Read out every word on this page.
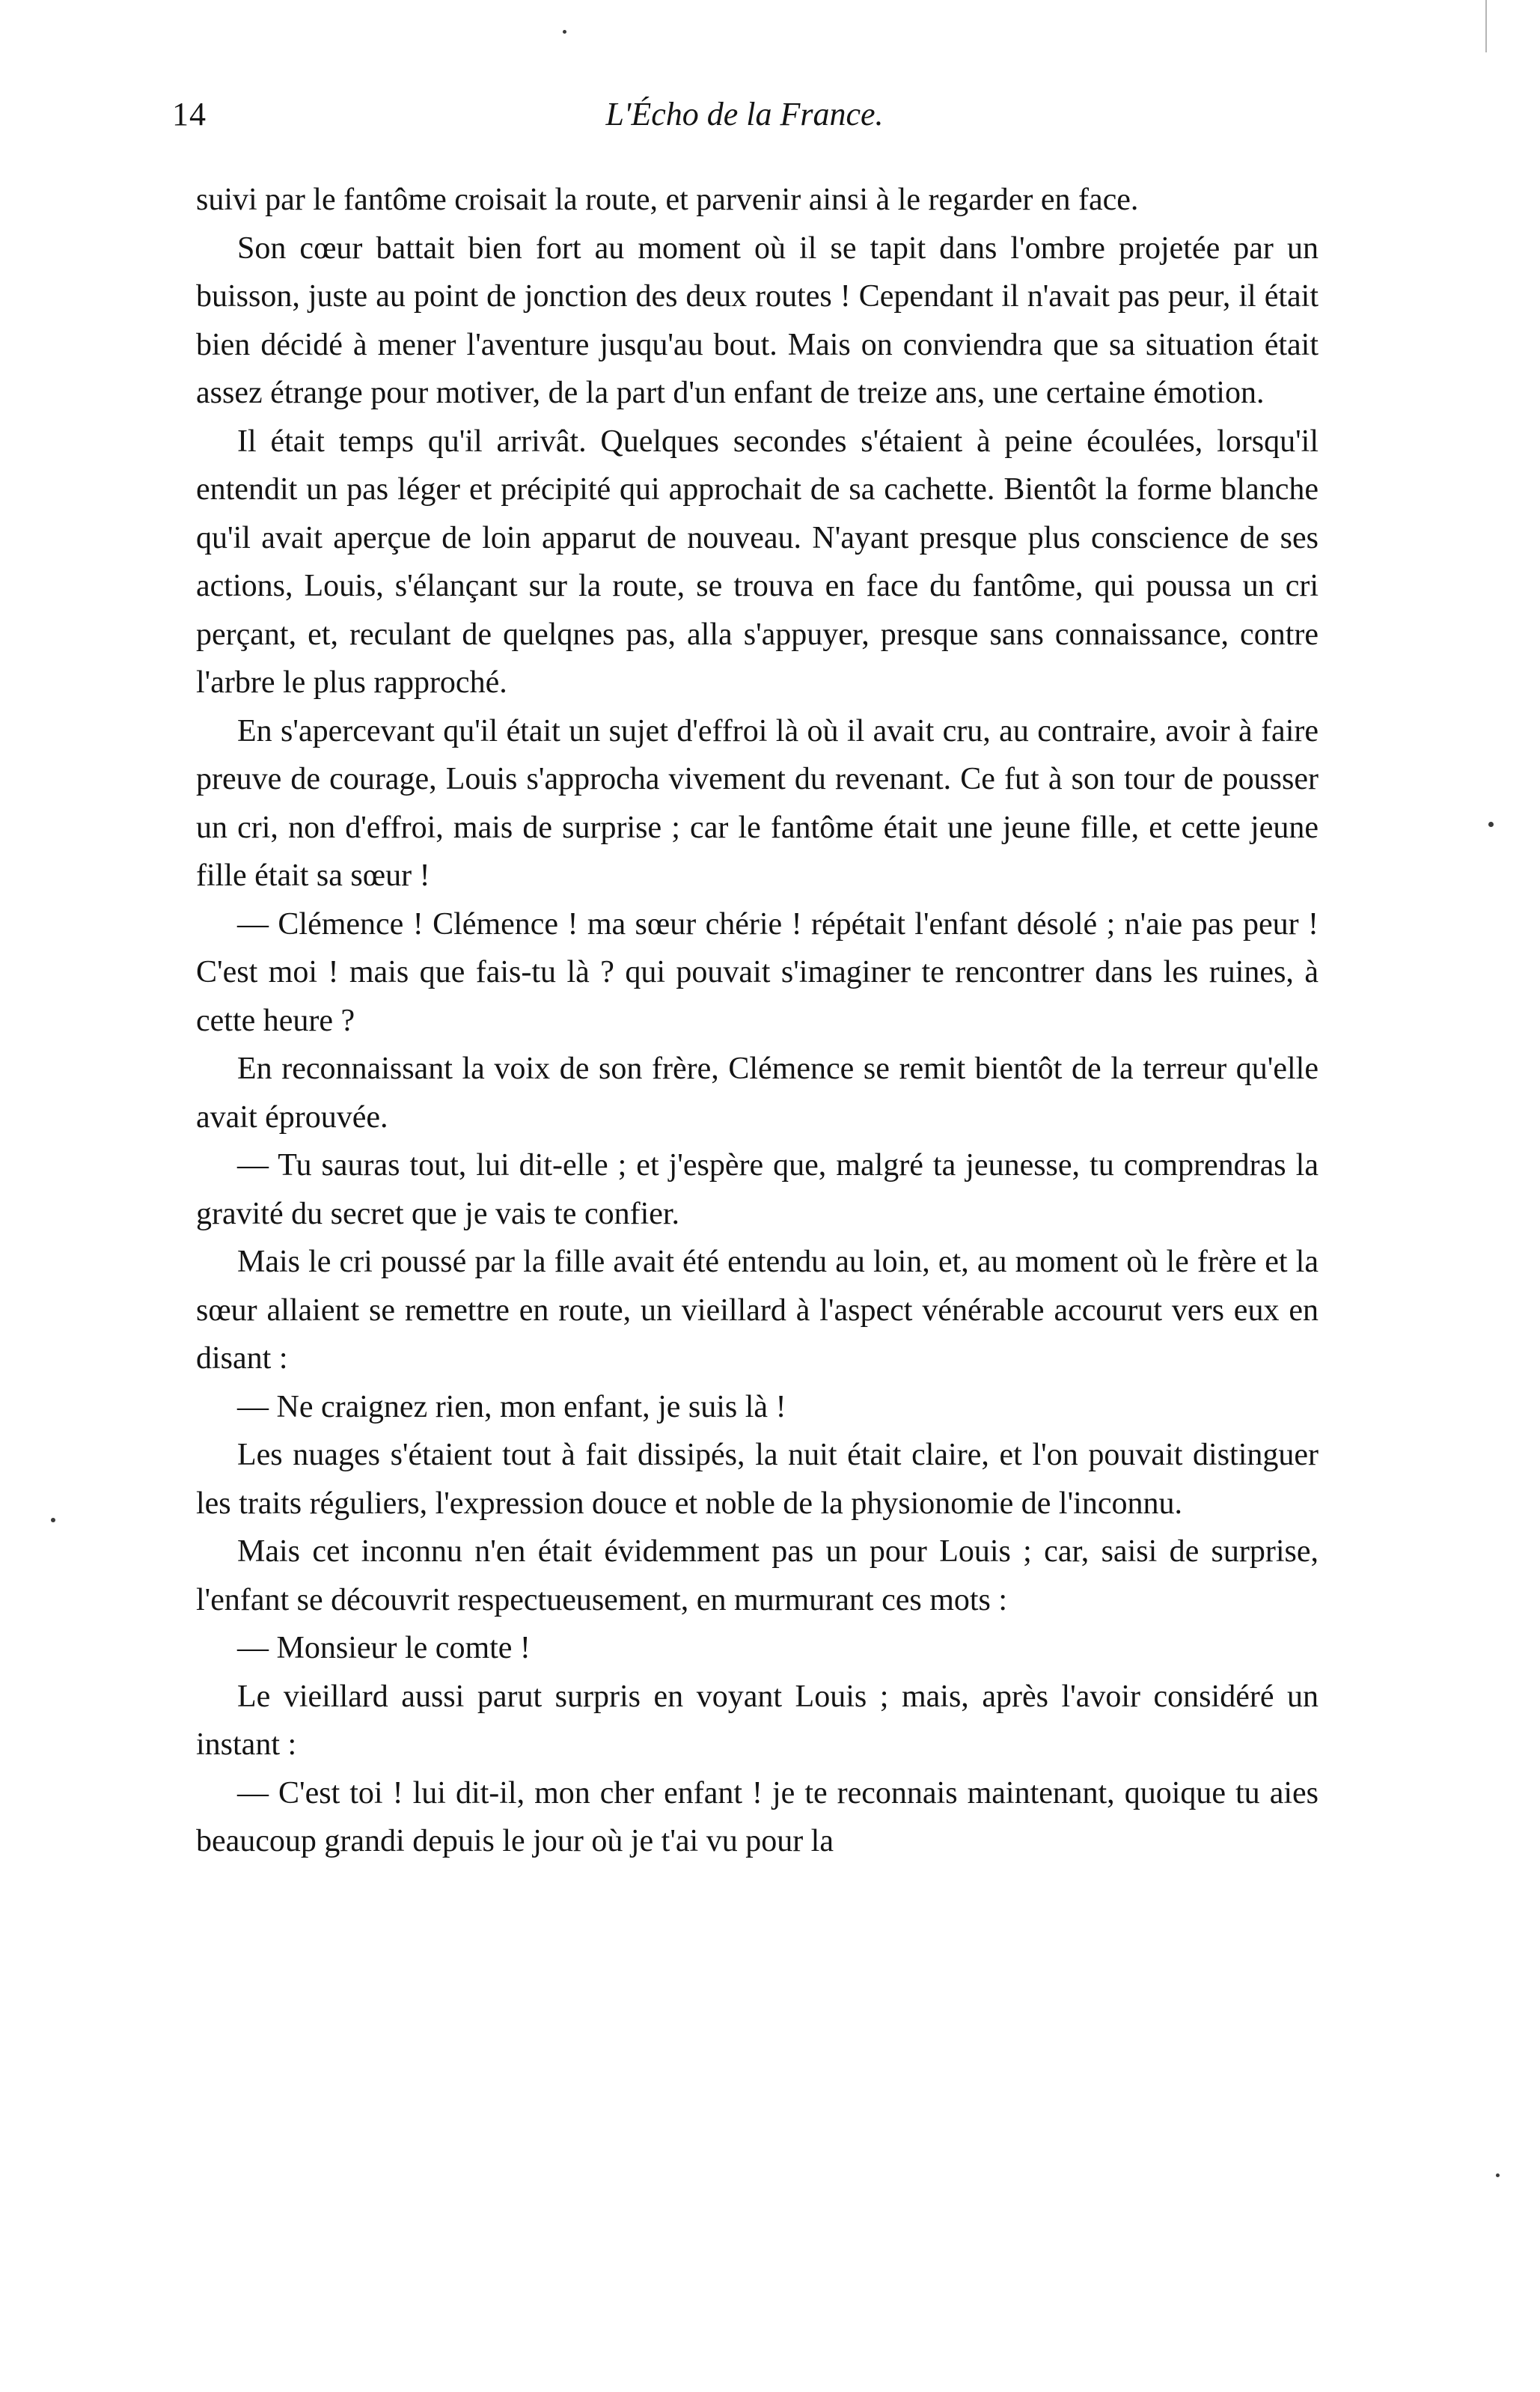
14	L'Écho de la France.

suivi par le fantôme croisait la route, et parvenir ainsi à le regarder en face.

Son cœur battait bien fort au moment où il se tapit dans l'ombre projetée par un buisson, juste au point de jonction des deux routes ! Cependant il n'avait pas peur, il était bien décidé à mener l'aventure jusqu'au bout. Mais on conviendra que sa situation était assez étrange pour motiver, de la part d'un enfant de treize ans, une certaine émotion.

Il était temps qu'il arrivât. Quelques secondes s'étaient à peine écoulées, lorsqu'il entendit un pas léger et précipité qui approchait de sa cachette. Bientôt la forme blanche qu'il avait aperçue de loin apparut de nouveau. N'ayant presque plus conscience de ses actions, Louis, s'élançant sur la route, se trouva en face du fantôme, qui poussa un cri perçant, et, reculant de quelqnes pas, alla s'appuyer, presque sans connaissance, contre l'arbre le plus rapproché.

En s'apercevant qu'il était un sujet d'effroi là où il avait cru, au contraire, avoir à faire preuve de courage, Louis s'approcha vivement du revenant. Ce fut à son tour de pousser un cri, non d'effroi, mais de surprise ; car le fantôme était une jeune fille, et cette jeune fille était sa sœur !

— Clémence ! Clémence ! ma sœur chérie ! répétait l'enfant désolé ; n'aie pas peur ! C'est moi ! mais que fais-tu là ? qui pouvait s'imaginer te rencontrer dans les ruines, à cette heure ?

En reconnaissant la voix de son frère, Clémence se remit bientôt de la terreur qu'elle avait éprouvée.

— Tu sauras tout, lui dit-elle ; et j'espère que, malgré ta jeunesse, tu comprendras la gravité du secret que je vais te confier.

Mais le cri poussé par la fille avait été entendu au loin, et, au moment où le frère et la sœur allaient se remettre en route, un vieillard à l'aspect vénérable accourut vers eux en disant :

— Ne craignez rien, mon enfant, je suis là !

Les nuages s'étaient tout à fait dissipés, la nuit était claire, et l'on pouvait distinguer les traits réguliers, l'expression douce et noble de la physionomie de l'inconnu.

Mais cet inconnu n'en était évidemment pas un pour Louis ; car, saisi de surprise, l'enfant se découvrit respectueusement, en murmurant ces mots :

— Monsieur le comte !

Le vieillard aussi parut surpris en voyant Louis ; mais, après l'avoir considéré un instant :

— C'est toi ! lui dit-il, mon cher enfant ! je te reconnais maintenant, quoique tu aies beaucoup grandi depuis le jour où je t'ai vu pour la
